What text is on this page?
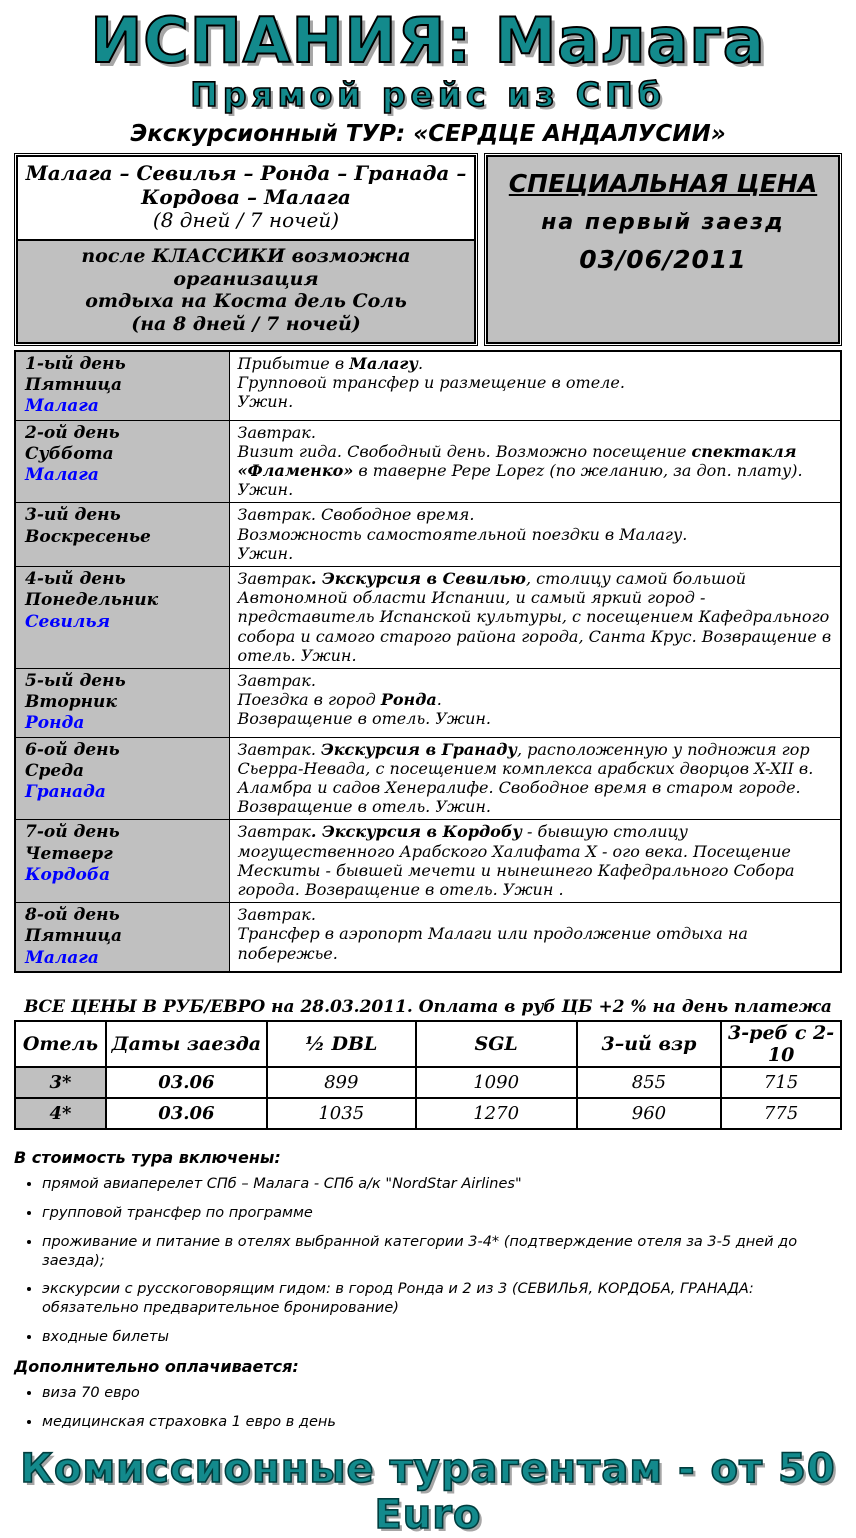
ИСПАНИЯ: Малага
Прямой рейс из СПб
Экскурсионный ТУР: «СЕРДЦЕ АНДАЛУСИИ»
Малага – Севилья – Ронда – Гранада –
Кордова – Малага
(8 дней / 7 ночей)
после КЛАССИКИ возможна организация
отдыха на Коста дель Соль
(на 8 дней / 7 ночей)
СПЕЦИАЛЬНАЯ ЦЕНА
на первый заезд
03/06/2011
1-ый день
Пятница
Малага

Прибытие в Малагу.
Групповой трансфер и размещение в отеле.
Ужин.

2-ой день
Суббота
Малага

Завтрак.
Визит гида. Свободный день. Возможно посещение спектакля «Фламенко» в таверне Pepe Lopez (по желанию, за доп. плату). Ужин.

3-ий день
Воскресенье

Завтрак. Свободное время.
Возможность самостоятельной поездки в Малагу.
Ужин.

4-ый день
Понедельник
Севилья

Завтрак. Экскурсия в Севилью, столицу самой большой Автономной области Испании, и самый яркий город - представитель Испанской культуры, с посещением Кафедрального собора и самого старого района города, Санта Крус. Возвращение в отель. Ужин.

5-ый день
Вторник
Ронда

Завтрак.
Поездка в город Ронда.
Возвращение в отель. Ужин.

6-ой день
Среда
Гранада

Завтрак. Экскурсия в Гранаду, расположенную у подножия гор Сьерра-Невада, с посещением комплекса арабских дворцов X-XII в. Аламбра и садов Хенералифе. Свободное время в старом городе. Возвращение в отель. Ужин.

7-ой день
Четверг
Кордоба	Завтрак. Экскурсия в Кордобу - бывшую столицу могущественного Арабского Халифата X - ого века. Посещение Мескиты - бывшей мечети и нынешнего Кафедрального Собора города. Возвращение в отель. Ужин .

8-ой день
Пятница
Малага

Завтрак.
Трансфер в аэропорт Малаги или продолжение отдыха на побережье.
ВСЕ ЦЕНЫ В РУБ/ЕВРО на 28.03.2011. Оплата в руб ЦБ +2 % на день платежа
Отель	Даты заезда	½ DBL	SGL	3–ий взр	3-реб с 2-10
3*	03.06	899	1090	855	715
4*	03.06	1035	1270	960	775
В стоимость тура включены:
• прямой авиаперелет СПб – Малага - СПб а/к "NordStar Airlines"
• групповой трансфер по программе
• проживание и питание в отелях выбранной категории 3-4* (подтверждение отеля за 3-5 дней до заезда);
• экскурсии с русскоговорящим гидом: в город Ронда и 2 из 3 (СЕВИЛЬЯ, КОРДОБА, ГРАНАДА: обязательно предварительное бронирование)
• входные билеты
Дополнительно оплачивается:
• виза 70 евро
• медицинская страховка 1 евро в день
Комиссионные турагентам - от 50 Euro
